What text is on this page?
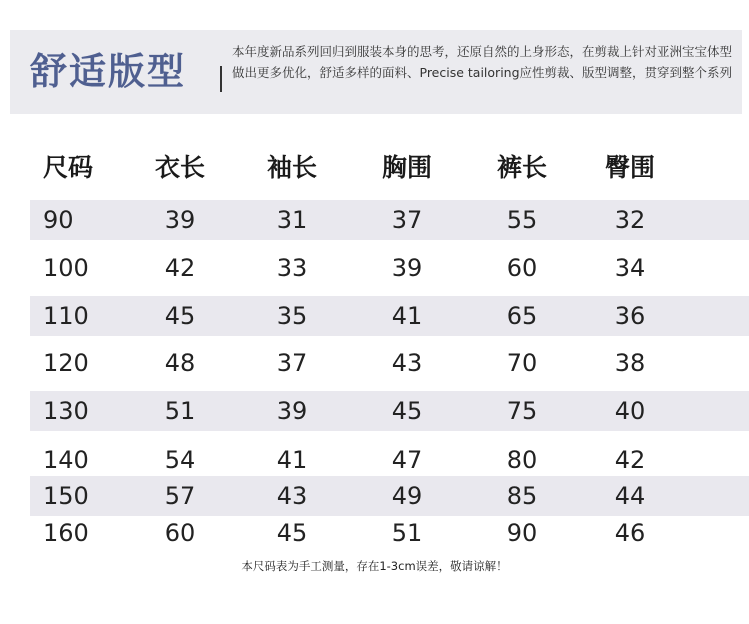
舒适版型	本年度新品系列回归到服装本身的思考，还原自然的上身形态，在剪裁上针对亚洲宝宝体型做出更多优化，舒适多样的面料、Precise tailoring应性剪裁、版型调整，贯穿到整个系列
尺码	衣长	袖长	胸围	裤长	臀围
90	39	31	37	55	32
100	42	33	39	60	34
110	45	35	41	65	36
120	48	37	43	70	38
130	51	39	45	75	40
140	54	41	47	80	42
150	57	43	49	85	44
160	60	45	51	90	46
本尺码表为手工测量，存在1-3cm误差，敬请谅解！
